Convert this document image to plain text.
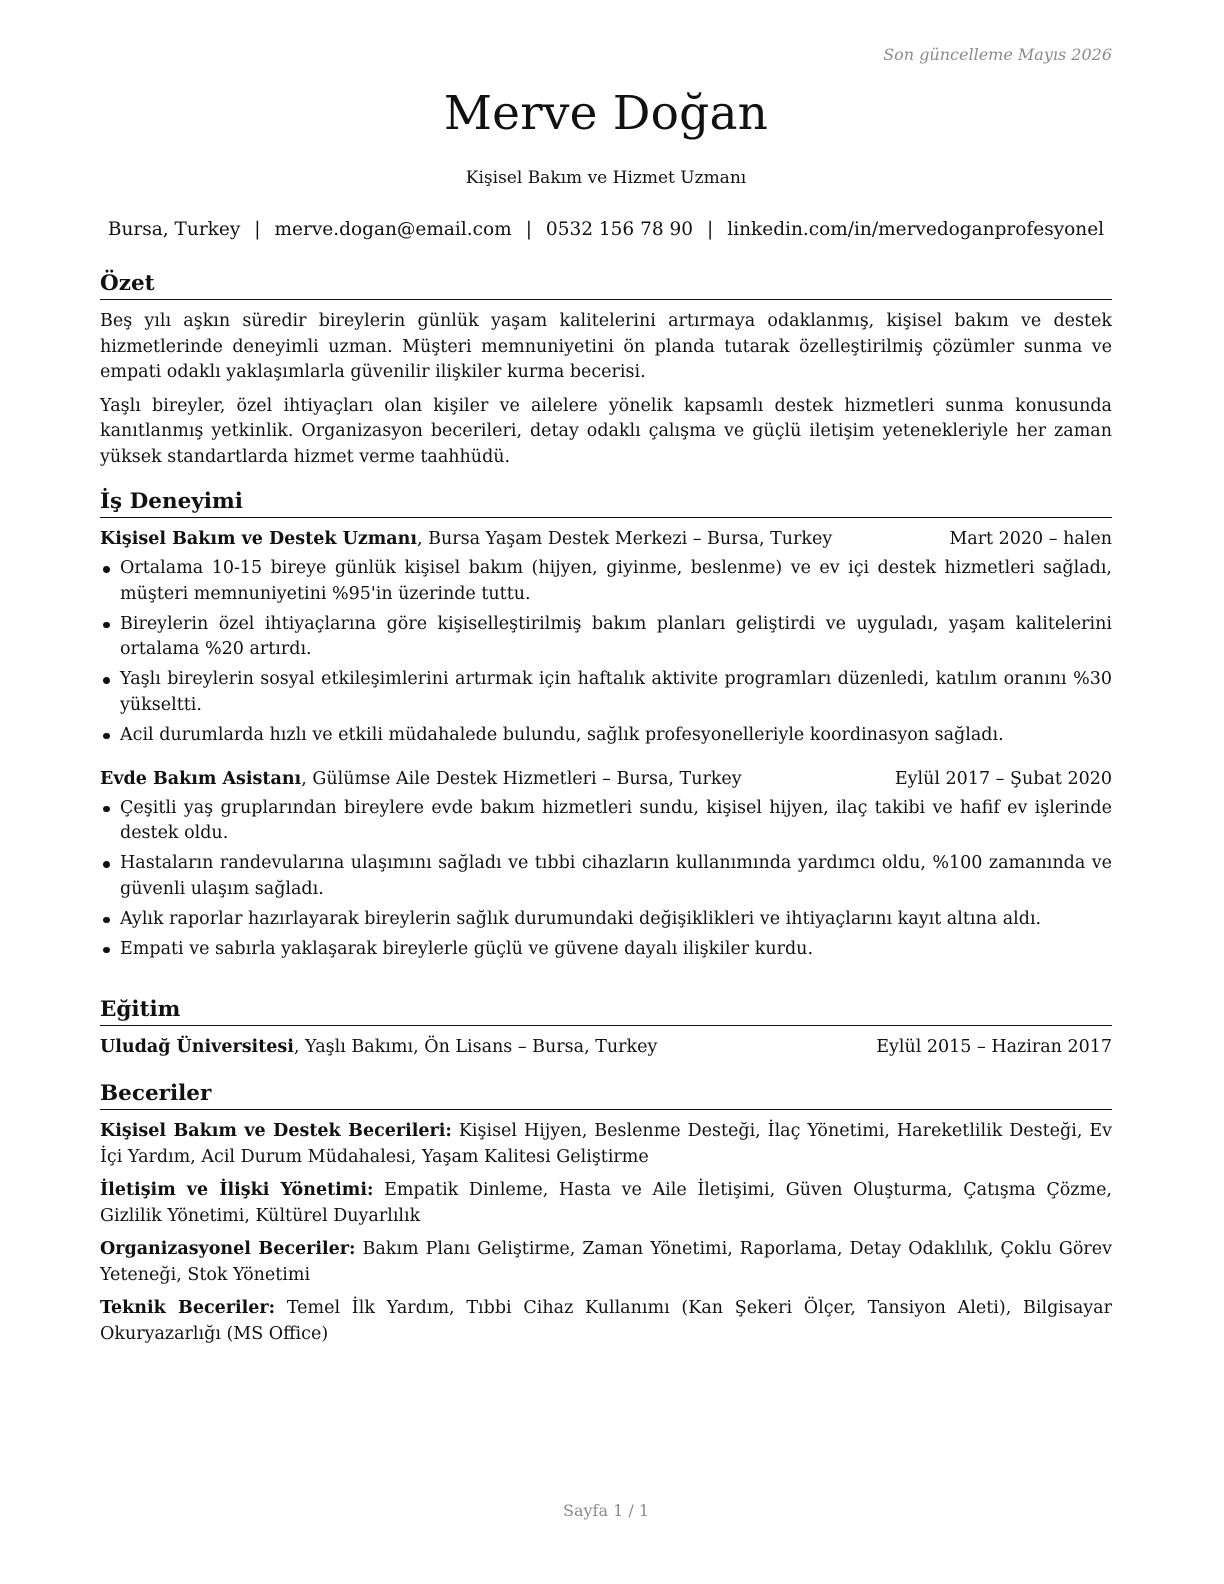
Son güncelleme Mayıs 2026
Merve Doğan
Kişisel Bakım ve Hizmet Uzmanı
Bursa, Turkey | merve.dogan@email.com | 0532 156 78 90 | linkedin.com/in/mervedoganprofesyonel
Özet

Beş yılı aşkın süredir bireylerin günlük yaşam kalitelerini artırmaya odaklanmış, kişisel bakım ve destek hizmetlerinde deneyimli uzman. Müşteri memnuniyetini ön planda tutarak özelleştirilmiş çözümler sunma ve empati odaklı yaklaşımlarla güvenilir ilişkiler kurma becerisi.

Yaşlı bireyler, özel ihtiyaçları olan kişiler ve ailelere yönelik kapsamlı destek hizmetleri sunma konusunda kanıtlanmış yetkinlik. Organizasyon becerileri, detay odaklı çalışma ve güçlü iletişim yetenekleriyle her zaman yüksek standartlarda hizmet verme taahhüdü.

İş Deneyimi
Kişisel Bakım ve Destek Uzmanı, Bursa Yaşam Destek Merkezi – Bursa, Turkey	Mart 2020 – halen
Ortalama 10-15 bireye günlük kişisel bakım (hijyen, giyinme, beslenme) ve ev içi destek hizmetleri sağladı, müşteri memnuniyetini %95'in üzerinde tuttu.
Bireylerin özel ihtiyaçlarına göre kişiselleştirilmiş bakım planları geliştirdi ve uyguladı, yaşam kalitelerini ortalama %20 artırdı.
Yaşlı bireylerin sosyal etkileşimlerini artırmak için haftalık aktivite programları düzenledi, katılım oranını %30 yükseltti.
Acil durumlarda hızlı ve etkili müdahalede bulundu, sağlık profesyonelleriyle koordinasyon sağladı.
Evde Bakım Asistanı, Gülümse Aile Destek Hizmetleri – Bursa, Turkey	Eylül 2017 – Şubat 2020
Çeşitli yaş gruplarından bireylere evde bakım hizmetleri sundu, kişisel hijyen, ilaç takibi ve hafif ev işlerinde destek oldu.
Hastaların randevularına ulaşımını sağladı ve tıbbi cihazların kullanımında yardımcı oldu, %100 zamanında ve güvenli ulaşım sağladı.
Aylık raporlar hazırlayarak bireylerin sağlık durumundaki değişiklikleri ve ihtiyaçlarını kayıt altına aldı.
Empati ve sabırla yaklaşarak bireylerle güçlü ve güvene dayalı ilişkiler kurdu.
Eğitim
Uludağ Üniversitesi, Yaşlı Bakımı, Ön Lisans – Bursa, Turkey	Eylül 2015 – Haziran 2017
Beceriler

Kişisel Bakım ve Destek Becerileri: Kişisel Hijyen, Beslenme Desteği, İlaç Yönetimi, Hareketlilik Desteği, Ev İçi Yardım, Acil Durum Müdahalesi, Yaşam Kalitesi Geliştirme

İletişim ve İlişki Yönetimi: Empatik Dinleme, Hasta ve Aile İletişimi, Güven Oluşturma, Çatışma Çözme, Gizlilik Yönetimi, Kültürel Duyarlılık

Organizasyonel Beceriler: Bakım Planı Geliştirme, Zaman Yönetimi, Raporlama, Detay Odaklılık, Çoklu Görev Yeteneği, Stok Yönetimi

Teknik Beceriler: Temel İlk Yardım, Tıbbi Cihaz Kullanımı (Kan Şekeri Ölçer, Tansiyon Aleti), Bilgisayar Okuryazarlığı (MS Office)

Sayfa 1 / 1
